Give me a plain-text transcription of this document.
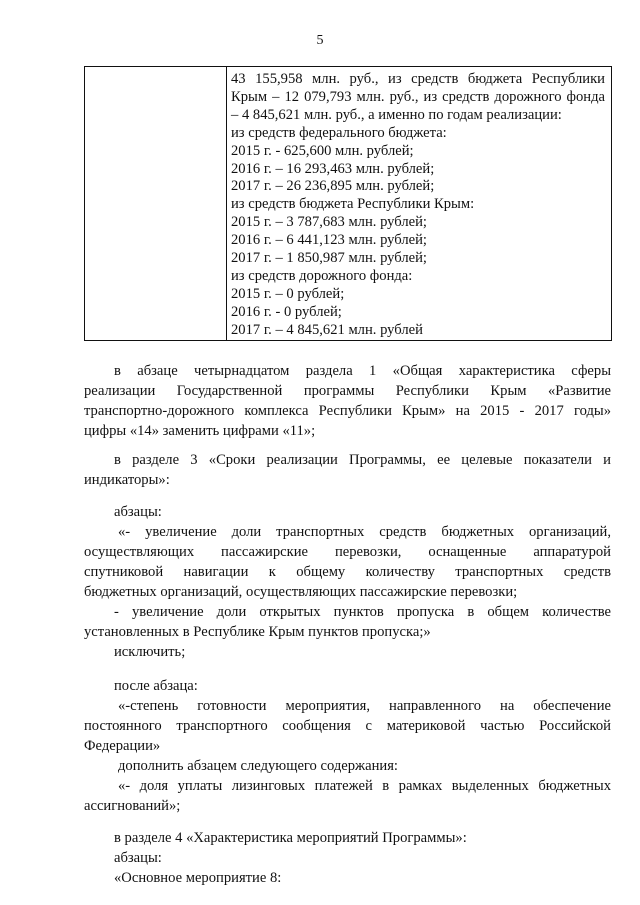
5

43 155,958 млн. руб., из средств бюджета Республики
Крым – 12 079,793 млн. руб., из средств дорожного фонда
– 4 845,621 млн. руб., а именно по годам реализации:
из средств федерального бюджета:
2015 г. - 625,600 млн. рублей;
2016 г. – 16 293,463 млн. рублей;
2017 г. – 26 236,895 млн. рублей;
из средств бюджета Республики Крым:
2015 г. – 3 787,683 млн. рублей;
2016 г. – 6 441,123 млн. рублей;
2017 г. – 1 850,987 млн. рублей;
из средств дорожного фонда:
2015 г. – 0 рублей;
2016 г. - 0 рублей;
2017 г. – 4 845,621 млн. рублей
в абзаце четырнадцатом раздела 1 «Общая характеристика сферы
реализации Государственной программы Республики Крым «Развитие
транспортно-дорожного комплекса Республики Крым» на 2015 - 2017 годы»
цифры «14» заменить цифрами «11»;
в разделе 3 «Сроки реализации Программы, ее целевые показатели и
индикаторы»:
абзацы:
«- увеличение доли транспортных средств бюджетных организаций,
осуществляющих пассажирские перевозки, оснащенные аппаратурой
спутниковой навигации к общему количеству транспортных средств
бюджетных организаций, осуществляющих пассажирские перевозки;
- увеличение доли открытых пунктов пропуска в общем количестве
установленных в Республике Крым пунктов пропуска;»
исключить;
после абзаца:
«-степень готовности мероприятия, направленного на обеспечение
постоянного транспортного сообщения с материковой частью Российской
Федерации»
дополнить абзацем следующего содержания:
«- доля уплаты лизинговых платежей в рамках выделенных бюджетных
ассигнований»;
в разделе 4 «Характеристика мероприятий Программы»:
абзацы:
«Основное мероприятие 8:
